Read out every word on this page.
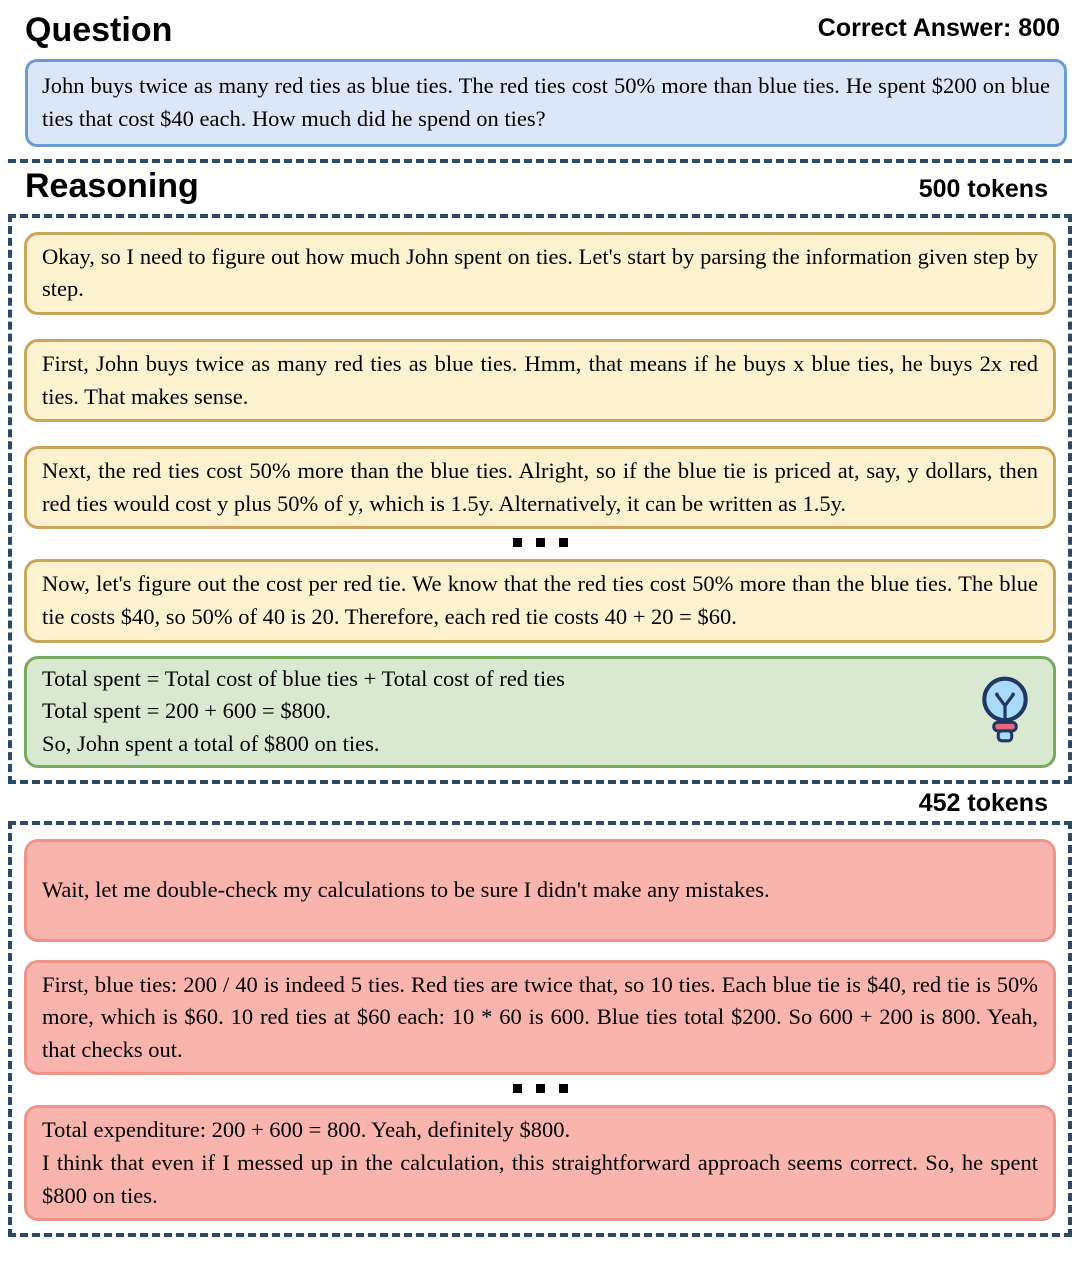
Question	Correct Answer: 800
John buys twice as many red ties as blue ties. The red ties cost 50% more than blue ties. He spent $200 on blue ties that cost $40 each. How much did he spend on ties?
Reasoning	500 tokens
Okay, so I need to figure out how much John spent on ties. Let's start by parsing the information given step by step.
First, John buys twice as many red ties as blue ties. Hmm, that means if he buys x blue ties, he buys 2x red ties. That makes sense.
Next, the red ties cost 50% more than the blue ties. Alright, so if the blue tie is priced at, say, y dollars, then red ties would cost y plus 50% of y, which is 1.5y. Alternatively, it can be written as 1.5y.
Now, let's figure out the cost per red tie. We know that the red ties cost 50% more than the blue ties. The blue tie costs $40, so 50% of 40 is 20. Therefore, each red tie costs 40 + 20 = $60.
Total spent = Total cost of blue ties + Total cost of red ties
Total spent = 200 + 600 = $800.
So, John spent a total of $800 on ties.
452 tokens
Wait, let me double-check my calculations to be sure I didn't make any mistakes.
First, blue ties: 200 / 40 is indeed 5 ties. Red ties are twice that, so 10 ties. Each blue tie is $40, red tie is 50% more, which is $60. 10 red ties at $60 each: 10 * 60 is 600. Blue ties total $200. So 600 + 200 is 800. Yeah, that checks out.
Total expenditure: 200 + 600 = 800. Yeah, definitely $800.
I think that even if I messed up in the calculation, this straightforward approach seems correct. So, he spent $800 on ties.
